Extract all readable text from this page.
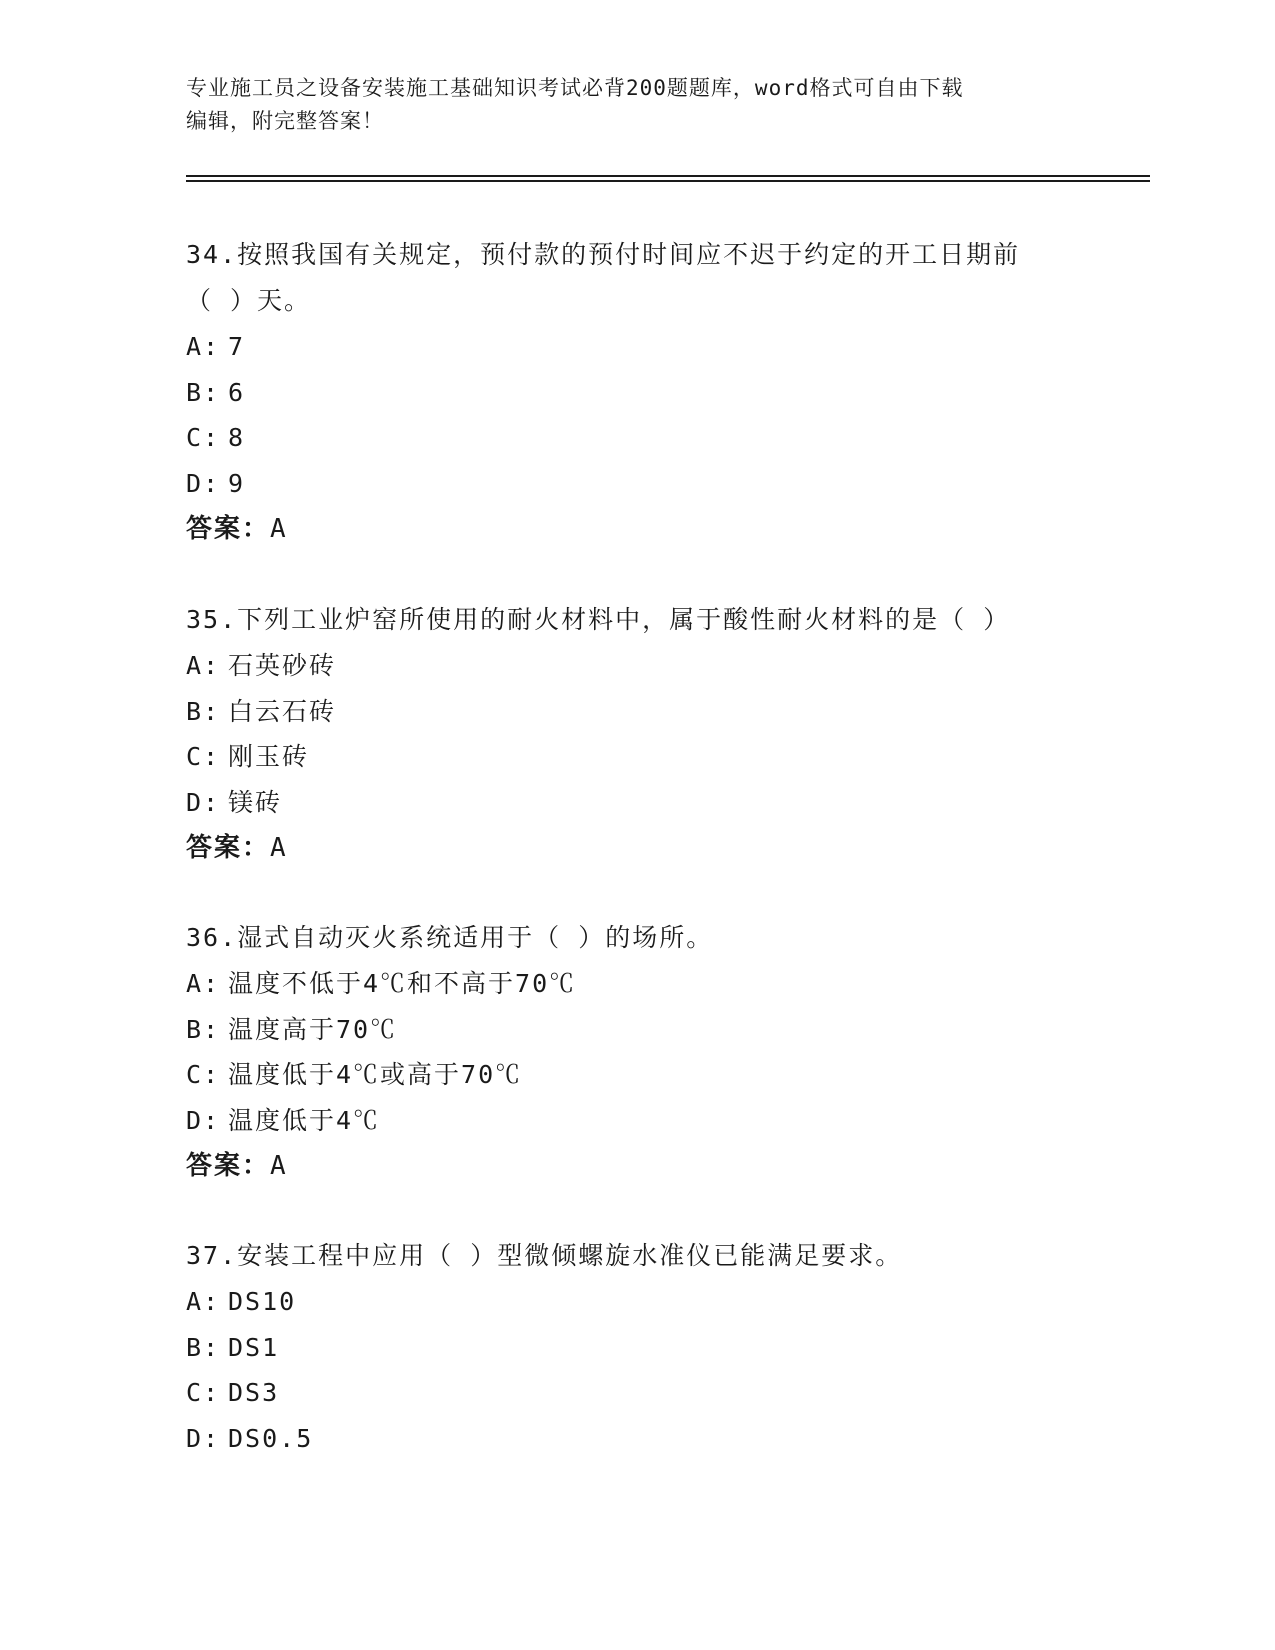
专业施工员之设备安装施工基础知识考试必背200题题库，word格式可自由下载
编辑，附完整答案！
34.按照我国有关规定，预付款的预付时间应不迟于约定的开工日期前
（ ）天。
A: 7
B: 6
C: 8
D: 9
答案：A
35.下列工业炉窑所使用的耐火材料中，属于酸性耐火材料的是（ ）
A: 石英砂砖
B: 白云石砖
C: 刚玉砖
D: 镁砖
答案：A
36.湿式自动灭火系统适用于（ ）的场所。
A: 温度不低于4℃和不高于70℃
B: 温度高于70℃
C: 温度低于4℃或高于70℃
D: 温度低于4℃
答案：A
37.安装工程中应用（ ）型微倾螺旋水准仪已能满足要求。
A: DS10
B: DS1
C: DS3
D: DS0.5
